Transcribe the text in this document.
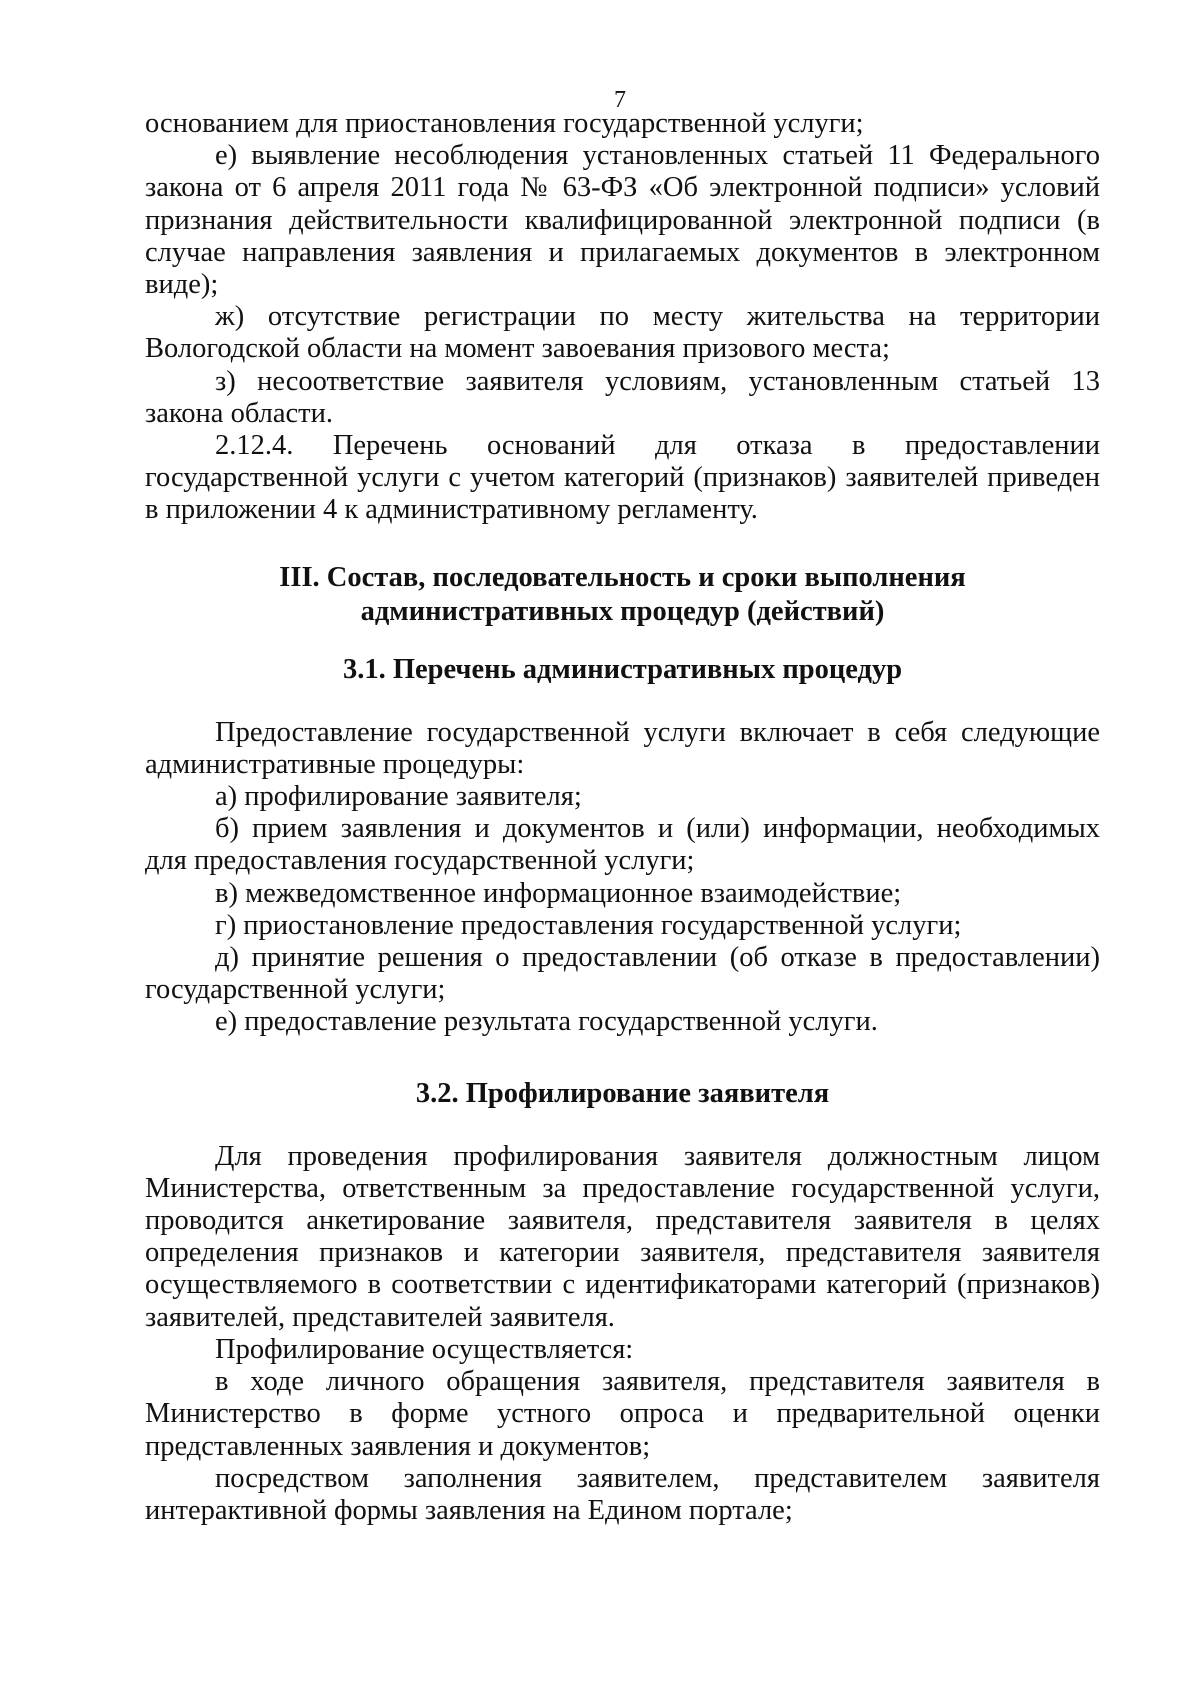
7

основанием для приостановления государственной услуги;

е) выявление несоблюдения установленных статьей 11 Федерального закона от 6 апреля 2011 года № 63-ФЗ «Об электронной подписи» условий признания действительности квалифицированной электронной подписи (в случае направления заявления и прилагаемых документов в электронном виде);

ж) отсутствие регистрации по месту жительства на территории Вологодской области на момент завоевания призового места;

з) несоответствие заявителя условиям, установленным статьей 13 закона области.

2.12.4. Перечень оснований для отказа в предоставлении государственной услуги с учетом категорий (признаков) заявителей приведен в приложении 4 к административному регламенту.

III. Состав, последовательность и сроки выполнения

административных процедур (действий)

3.1. Перечень административных процедур

Предоставление государственной услуги включает в себя следующие административные процедуры:

а) профилирование заявителя;

б) прием заявления и документов и (или) информации, необходимых для предоставления государственной услуги;

в) межведомственное информационное взаимодействие;

г) приостановление предоставления государственной услуги;

д) принятие решения о предоставлении (об отказе в предоставлении) государственной услуги;

е) предоставление результата государственной услуги.

3.2. Профилирование заявителя

Для проведения профилирования заявителя должностным лицом Министерства, ответственным за предоставление государственной услуги, проводится анкетирование заявителя, представителя заявителя в целях определения признаков и категории заявителя, представителя заявителя осуществляемого в соответствии с идентификаторами категорий (признаков) заявителей, представителей заявителя.

Профилирование осуществляется:

в ходе личного обращения заявителя, представителя заявителя в Министерство в форме устного опроса и предварительной оценки представленных заявления и документов;

посредством заполнения заявителем, представителем заявителя интерактивной формы заявления на Едином портале;
